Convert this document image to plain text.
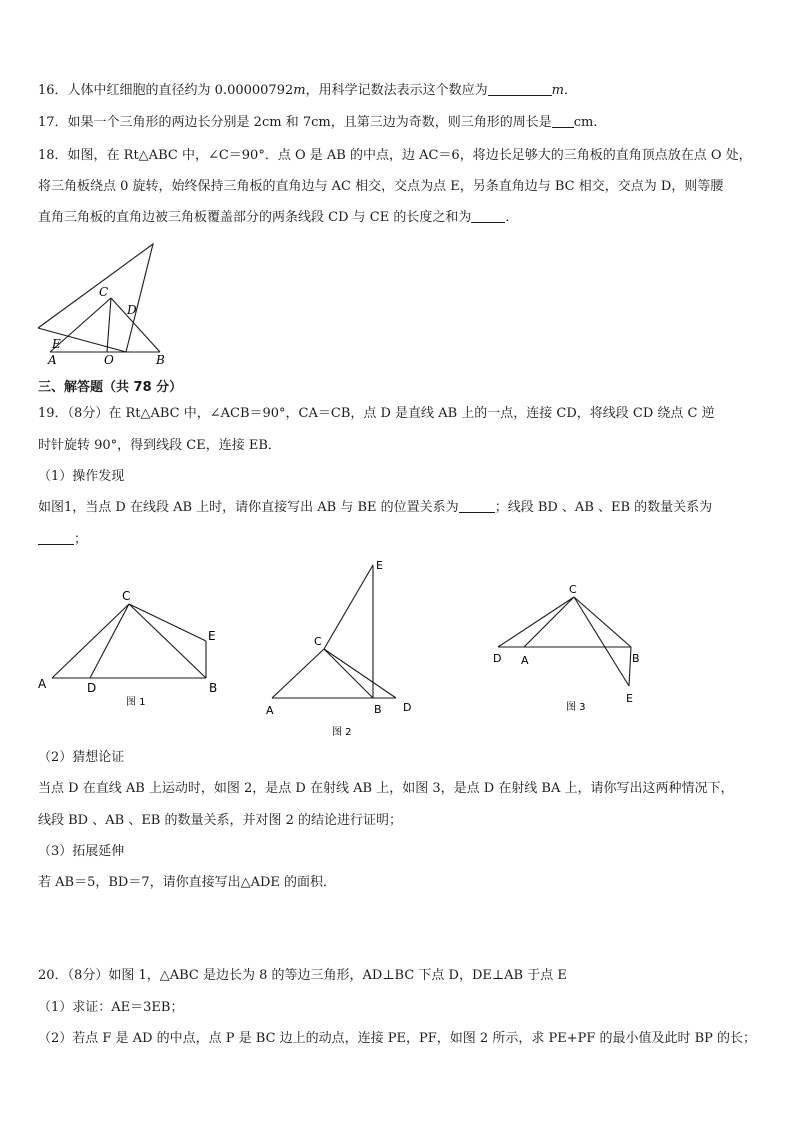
16．人体中红细胞的直径约为 0.00000792m，用科学记数法表示这个数应为	m．
17．如果一个三角形的两边长分别是 2cm 和 7cm，且第三边为奇数，则三角形的周长是 cm.
18．如图，在 Rt△ABC 中，∠C＝90°．点 O 是 AB 的中点，边 AC＝6，将边长足够大的三角板的直角顶点放在点 O 处，
将三角板绕点 0 旋转，始终保持三角板的直角边与 AC 相交，交点为点 E，另条直角边与 BC 相交，交点为 D，则等腰
直角三角板的直角边被三角板覆盖部分的两条线段 CD 与 CE 的长度之和为	．
C
D
E
A	O	B
三、解答题（共 78 分）
19．（8分）在 Rt△ABC 中，∠ACB＝90°，CA＝CB，点 D 是直线 AB 上的一点，连接 CD，将线段 CD 绕点 C 逆
时针旋转 90°，得到线段 CE，连接 EB．
（1）操作发现
如图1，当点 D 在线段 AB 上时，请你直接写出 AB 与 BE 的位置关系为	；线段 BD 、AB 、EB 的数量关系为
；
C
E
A	D	B
图 1
E
C
A	B D
图 2
C
D A	B
E
图 3
（2）猜想论证
当点 D 在直线 AB 上运动时，如图 2，是点 D 在射线 AB 上，如图 3，是点 D 在射线 BA 上，请你写出这两种情况下，
线段 BD 、AB 、EB 的数量关系，并对图 2 的结论进行证明；
（3）拓展延伸
若 AB＝5，BD＝7，请你直接写出△ADE 的面积．
20．（8分）如图 1，△ABC 是边长为 8 的等边三角形，AD⊥BC 下点 D，DE⊥AB 于点 E
（1）求证：AE＝3EB；
（2）若点 F 是 AD 的中点，点 P 是 BC 边上的动点，连接 PE，PF，如图 2 所示，求 PE+PF 的最小值及此时 BP 的长；
